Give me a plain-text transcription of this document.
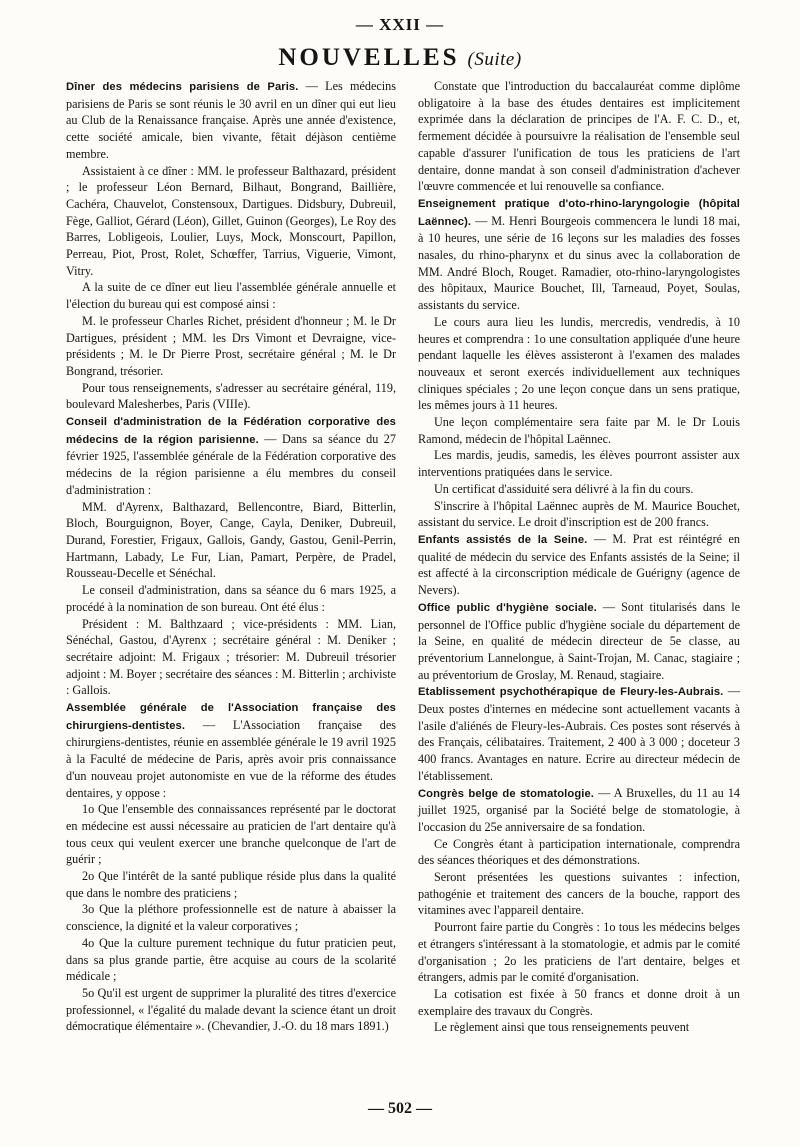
— XXII —
NOUVELLES (Suite)

Dîner des médecins parisiens de Paris. — Les médecins parisiens de Paris se sont réunis le 30 avril en un dîner qui eut lieu au Club de la Renaissance française. Après une année d'existence, cette société amicale, bien vivante, fêtait déjàson centième membre.

Assistaient à ce dîner : MM. le professeur Balthazard, président ; le professeur Léon Bernard, Bilhaut, Bongrand, Baillière, Cachéra, Chauvelot, Constensoux, Dartigues. Didsbury, Dubreuil, Fège, Galliot, Gérard (Léon), Gillet, Guinon (Georges), Le Roy des Barres, Lobligeois, Loulier, Luys, Mock, Monscourt, Papillon, Perreau, Piot, Prost, Rolet, Schœffer, Tarrius, Viguerie, Vimont, Vitry.

A la suite de ce dîner eut lieu l'assemblée générale annuelle et l'élection du bureau qui est composé ainsi :

M. le professeur Charles Richet, président d'honneur ; M. le Dr Dartigues, président ; MM. les Drs Vimont et Devraigne, vice-présidents ; M. le Dr Pierre Prost, secrétaire général ; M. le Dr Bongrand, trésorier.

Pour tous renseignements, s'adresser au secrétaire général, 119, boulevard Malesherbes, Paris (VIIIe).

Conseil d'administration de la Fédération corporative des médecins de la région parisienne. — Dans sa séance du 27 février 1925, l'assemblée générale de la Fédération corporative des médecins de la région parisienne a élu membres du conseil d'administration :

MM. d'Ayrenx, Balthazard, Bellencontre, Biard, Bitterlin, Bloch, Bourguignon, Boyer, Cange, Cayla, Deniker, Dubreuil, Durand, Forestier, Frigaux, Gallois, Gandy, Gastou, Genil-Perrin, Hartmann, Labady, Le Fur, Lian, Pamart, Perpère, de Pradel, Rousseau-Decelle et Sénéchal.

Le conseil d'administration, dans sa séance du 6 mars 1925, a procédé à la nomination de son bureau. Ont été élus :

Président : M. Balthzaard ; vice-présidents : MM. Lian, Sénéchal, Gastou, d'Ayrenx ; secrétaire général : M. Deniker ; secrétaire adjoint: M. Frigaux ; trésorier: M. Dubreuil trésorier adjoint : M. Boyer ; secrétaire des séances : M. Bitterlin ; archiviste : Gallois.

Assemblée générale de l'Association française des chirurgiens-dentistes. — L'Association française des chirurgiens-dentistes, réunie en assemblée générale le 19 avril 1925 à la Faculté de médecine de Paris, après avoir pris connaissance d'un nouveau projet autonomiste en vue de la réforme des études dentaires, y oppose :

1o Que l'ensemble des connaissances représenté par le doctorat en médecine est aussi nécessaire au praticien de l'art dentaire qu'à tous ceux qui veulent exercer une branche quelconque de l'art de guérir ;

2o Que l'intérêt de la santé publique réside plus dans la qualité que dans le nombre des praticiens ;

3o Que la pléthore professionnelle est de nature à abaisser la conscience, la dignité et la valeur corporatives ;

4o Que la culture purement technique du futur praticien peut, dans sa plus grande partie, être acquise au cours de la scolarité médicale ;

5o Qu'il est urgent de supprimer la pluralité des titres d'exercice professionnel, « l'égalité du malade devant la science étant un droit démocratique élémentaire ». (Chevandier, J.-O. du 18 mars 1891.)

Constate que l'introduction du baccalauréat comme diplôme obligatoire à la base des études dentaires est implicitement exprimée dans la déclaration de principes de l'A. F. C. D., et, fermement décidée à poursuivre la réalisation de l'ensemble seul capable d'assurer l'unification de tous les praticiens de l'art dentaire, donne mandat à son conseil d'administration d'achever l'œuvre commencée et lui renouvelle sa confiance.

Enseignement pratique d'oto-rhino-laryngologie (hôpital Laënnec). — M. Henri Bourgeois commencera le lundi 18 mai, à 10 heures, une série de 16 leçons sur les maladies des fosses nasales, du rhino-pharynx et du sinus avec la collaboration de MM. André Bloch, Rouget. Ramadier, oto-rhino-laryngologistes des hôpitaux, Maurice Bouchet, Ill, Tarneaud, Poyet, Soulas, assistants du service.

Le cours aura lieu les lundis, mercredis, vendredis, à 10 heures et comprendra : 1o une consultation appliquée d'une heure pendant laquelle les élèves assisteront à l'examen des malades nouveaux et seront exercés individuellement aux techniques cliniques spéciales ; 2o une leçon conçue dans un sens pratique, les mêmes jours à 11 heures.

Une leçon complémentaire sera faite par M. le Dr Louis Ramond, médecin de l'hôpital Laënnec.

Les mardis, jeudis, samedis, les élèves pourront assister aux interventions pratiquées dans le service.

Un certificat d'assiduité sera délivré à la fin du cours.

S'inscrire à l'hôpital Laënnec auprès de M. Maurice Bouchet, assistant du service. Le droit d'inscription est de 200 francs.

Enfants assistés de la Seine. — M. Prat est réintégré en qualité de médecin du service des Enfants assistés de la Seine; il est affecté à la circonscription médicale de Guérigny (agence de Nevers).

Office public d'hygiène sociale. — Sont titularisés dans le personnel de l'Office public d'hygiène sociale du département de la Seine, en qualité de médecin directeur de 5e classe, au préventorium Lannelongue, à Saint-Trojan, M. Canac, stagiaire ; au préventorium de Groslay, M. Renaud, stagiaire.

Etablissement psychothérapique de Fleury-les-Aubrais. — Deux postes d'internes en médecine sont actuellement vacants à l'asile d'aliénés de Fleury-les-Aubrais. Ces postes sont réservés à des Français, célibataires. Traitement, 2 400 à 3 000 ; doceteur 3 400 francs. Avantages en nature. Ecrire au directeur médecin de l'établissement.

Congrès belge de stomatologie. — A Bruxelles, du 11 au 14 juillet 1925, organisé par la Société belge de stomatologie, à l'occasion du 25e anniversaire de sa fondation.

Ce Congrès étant à participation internationale, comprendra des séances théoriques et des démonstrations.

Seront présentées les questions suivantes : infection, pathogénie et traitement des cancers de la bouche, rapport des vitamines avec l'appareil dentaire.

Pourront faire partie du Congrès : 1o tous les médecins belges et étrangers s'intéressant à la stomatologie, et admis par le comité d'organisation ; 2o les praticiens de l'art dentaire, belges et étrangers, admis par le comité d'organisation.

La cotisation est fixée à 50 francs et donne droit à un exemplaire des travaux du Congrès.

Le règlement ainsi que tous renseignements peuvent

— 502 —
